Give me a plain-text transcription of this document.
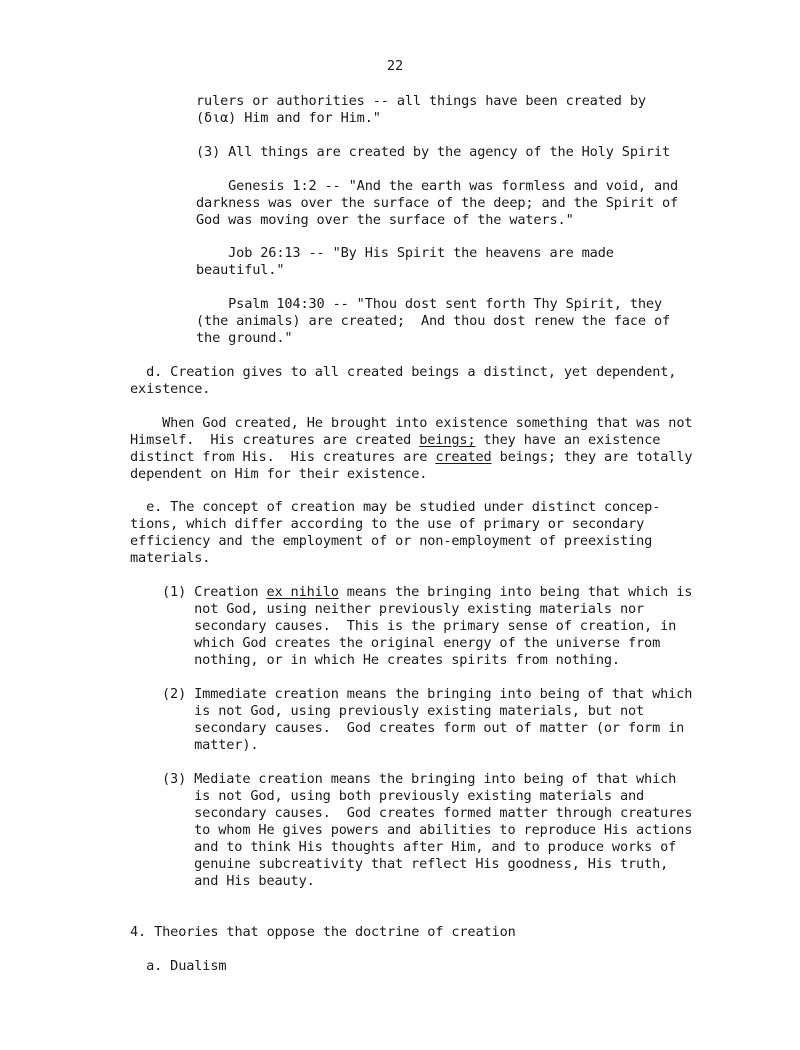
22
rulers or authorities -- all things have been created by
(δια) Him and for Him."
(3) All things are created by the agency of the Holy Spirit
Genesis 1:2 -- "And the earth was formless and void, and
darkness was over the surface of the deep; and the Spirit of
God was moving over the surface of the waters."
Job 26:13 -- "By His Spirit the heavens are made
beautiful."
Psalm 104:30 -- "Thou dost sent forth Thy Spirit, they
(the animals) are created;  And thou dost renew the face of
the ground."
d. Creation gives to all created beings a distinct, yet dependent,
existence.
When God created, He brought into existence something that was not
Himself.  His creatures are created beings; they have an existence
distinct from His.  His creatures are created beings; they are totally
dependent on Him for their existence.
e. The concept of creation may be studied under distinct concep-
tions, which differ according to the use of primary or secondary
efficiency and the employment of or non-employment of preexisting
materials.
(1) Creation ex nihilo means the bringing into being that which is
not God, using neither previously existing materials nor
secondary causes.  This is the primary sense of creation, in
which God creates the original energy of the universe from
nothing, or in which He creates spirits from nothing.
(2) Immediate creation means the bringing into being of that which
is not God, using previously existing materials, but not
secondary causes.  God creates form out of matter (or form in
matter).
(3) Mediate creation means the bringing into being of that which
is not God, using both previously existing materials and
secondary causes.  God creates formed matter through creatures
to whom He gives powers and abilities to reproduce His actions
and to think His thoughts after Him, and to produce works of
genuine subcreativity that reflect His goodness, His truth,
and His beauty.
4. Theories that oppose the doctrine of creation
a. Dualism
